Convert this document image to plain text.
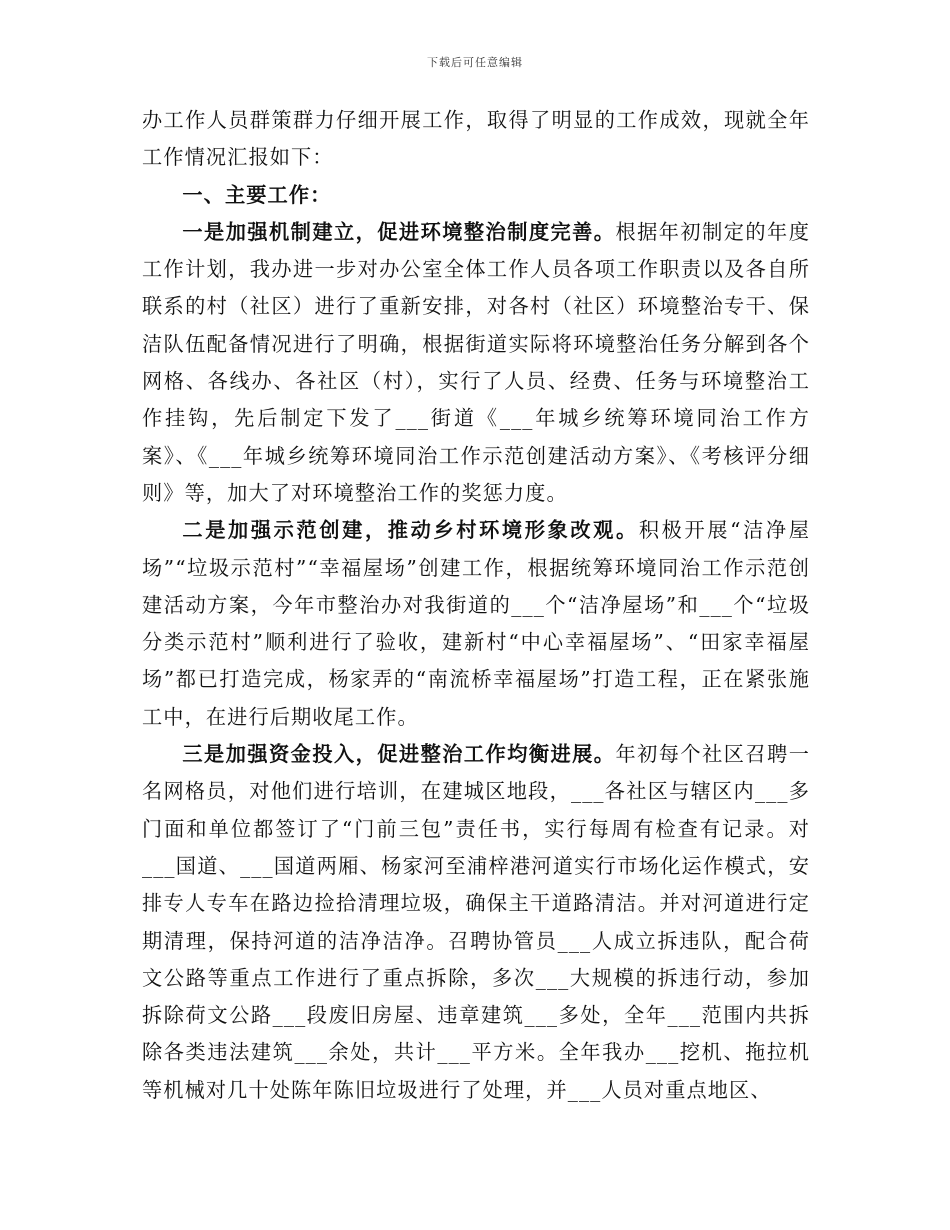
下载后可任意编辑

办工作人员群策群力仔细开展工作，取得了明显的工作成效，现就全年工作情况汇报如下：

一、主要工作：

一是加强机制建立，促进环境整治制度完善。根据年初制定的年度工作计划，我办进一步对办公室全体工作人员各项工作职责以及各自所联系的村（社区）进行了重新安排，对各村（社区）环境整治专干、保洁队伍配备情况进行了明确，根据街道实际将环境整治任务分解到各个网格、各线办、各社区（村），实行了人员、经费、任务与环境整治工作挂钩，先后制定下发了___街道《___年城乡统筹环境同治工作方案》、《___年城乡统筹环境同治工作示范创建活动方案》、《考核评分细则》等，加大了对环境整治工作的奖惩力度。

二是加强示范创建，推动乡村环境形象改观。积极开展“洁净屋场”“垃圾示范村”“幸福屋场”创建工作，根据统筹环境同治工作示范创建活动方案，今年市整治办对我街道的___个“洁净屋场”和___个“垃圾分类示范村”顺利进行了验收，建新村“中心幸福屋场”、“田家幸福屋场”都已打造完成，杨家弄的“南流桥幸福屋场”打造工程，正在紧张施工中，在进行后期收尾工作。

三是加强资金投入，促进整治工作均衡进展。年初每个社区召聘一名网格员，对他们进行培训，在建城区地段，___各社区与辖区内___多门面和单位都签订了“门前三包”责任书，实行每周有检查有记录。对___国道、___国道两厢、杨家河至浦梓港河道实行市场化运作模式，安排专人专车在路边捡拾清理垃圾，确保主干道路清洁。并对河道进行定期清理，保持河道的洁净洁净。召聘协管员___人成立拆违队，配合荷文公路等重点工作进行了重点拆除，多次___大规模的拆违行动，参加拆除荷文公路___段废旧房屋、违章建筑___多处，全年___范围内共拆除各类违法建筑___余处，共计___平方米。全年我办___挖机、拖拉机等机械对几十处陈年陈旧垃圾进行了处理，并___人员对重点地区、
